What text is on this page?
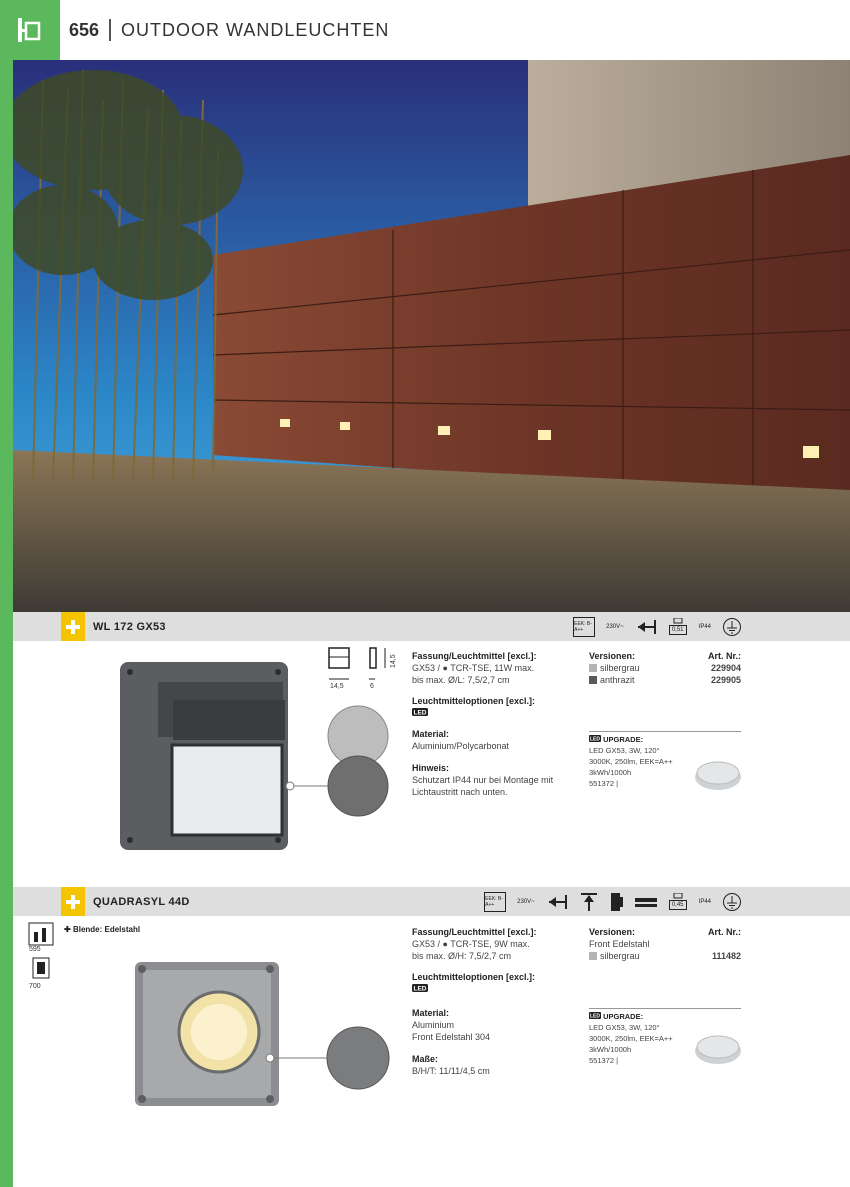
656 OUTDOOR WANDLEUCHTEN
WL 172 GX53	EEK: B-A++	230V~
0,51
IP44
14,5	6
14,5 Fassung/Leuchtmittel [excl.]:
GX53 / ● TCR-TSE, 11W max.
bis max. Ø/L: 7,5/2,7 cm
Leuchtmitteloptionen [excl.]:
LED
Material:
Aluminium/Polycarbonat
Hinweis:
Schutzart IP44 nur bei Montage mit
Lichtaustritt nach unten.
Versionen:	Art. Nr.:
silbergrau	229904
anthrazit	229905
LED UPGRADE:
LED GX53, 3W, 120°
3000K, 250lm, EEK=A++
3kWh/1000h
551372 |
QUADRASYL 44D	EEK: B-A++	230V~
0,45
IP44
✚ Blende: Edelstahl
595
700
Fassung/Leuchtmittel [excl.]:
GX53 / ● TCR-TSE, 9W max.
bis max. Ø/H: 7,5/2,7 cm
Leuchtmitteloptionen [excl.]:
LED
Material:
Aluminium
Front Edelstahl 304
Maße:
B/H/T: 11/11/4,5 cm
Versionen:	Art. Nr.:
Front Edelstahl
silbergrau	111482
LED UPGRADE:
LED GX53, 3W, 120°
3000K, 250lm, EEK=A++
3kWh/1000h
551372 |
